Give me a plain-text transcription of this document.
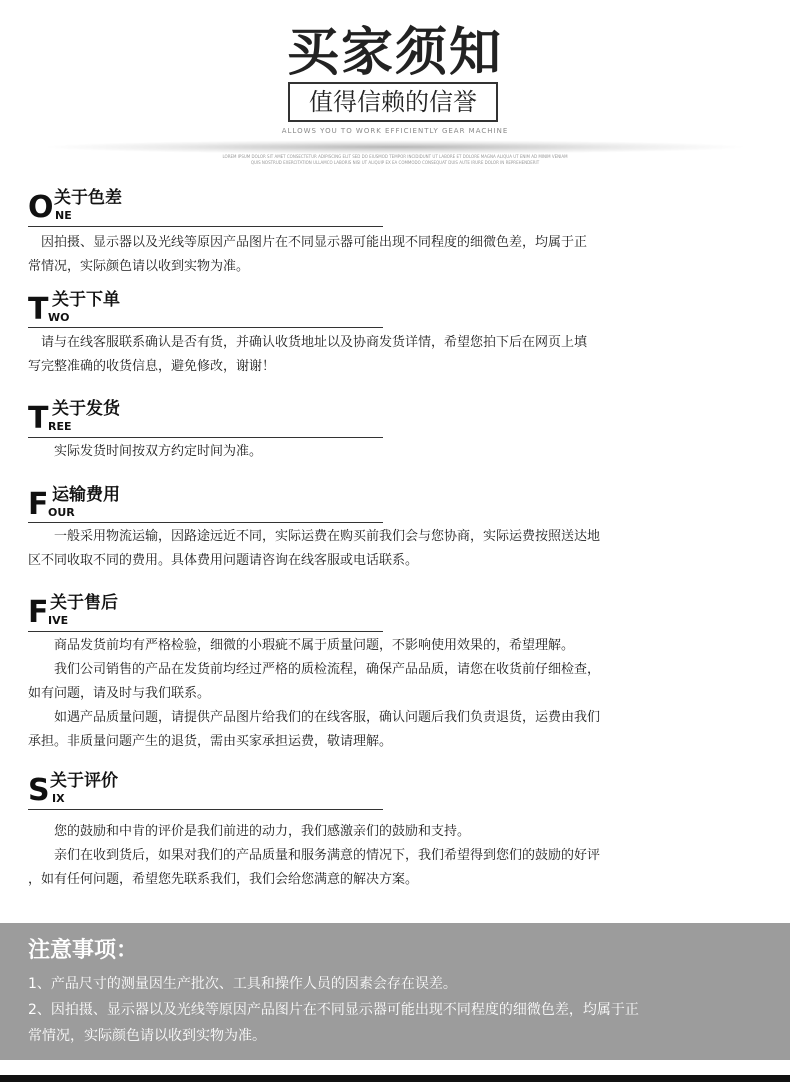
买家须知
值得信赖的信誉
ALLOWS YOU TO WORK EFFICIENTLY GEAR MACHINE
LOREM IPSUM DOLOR SIT AMET CONSECTETUR ADIPISCING ELIT SED DO EIUSMOD TEMPOR INCIDIDUNT UT LABORE ET DOLORE MAGNA ALIQUA UT ENIM AD MINIM VENIAM QUIS NOSTRUD EXERCITATION ULLAMCO LABORIS NISI UT ALIQUIP EX EA COMMODO CONSEQUAT DUIS AUTE IRURE DOLOR IN REPREHENDERIT
O 关于色差
NE
　因拍摄、显示器以及光线等原因产品图片在不同显示器可能出现不同程度的细微色差，均属于正
常情况，实际颜色请以收到实物为准。
T 关于下单
WO
　请与在线客服联系确认是否有货，并确认收货地址以及协商发货详情，希望您拍下后在网页上填
写完整准确的收货信息，避免修改，谢谢！
T 关于发货
REE
　　实际发货时间按双方约定时间为准。
F 运输费用
OUR
　　一般采用物流运输，因路途远近不同，实际运费在购买前我们会与您协商，实际运费按照送达地
区不同收取不同的费用。具体费用问题请咨询在线客服或电话联系。
F 关于售后
IVE
　　商品发货前均有严格检验，细微的小瑕疵不属于质量问题，不影响使用效果的，希望理解。
　　我们公司销售的产品在发货前均经过严格的质检流程，确保产品品质，请您在收货前仔细检查，
如有问题，请及时与我们联系。
　　如遇产品质量问题，请提供产品图片给我们的在线客服，确认问题后我们负责退货，运费由我们
承担。非质量问题产生的退货，需由买家承担运费，敬请理解。
S 关于评价
IX
　　您的鼓励和中肯的评价是我们前进的动力，我们感激亲们的鼓励和支持。
　　亲们在收到货后，如果对我们的产品质量和服务满意的情况下，我们希望得到您们的鼓励的好评
，如有任何问题，希望您先联系我们，我们会给您满意的解决方案。
注意事项：
1、产品尺寸的测量因生产批次、工具和操作人员的因素会存在误差。
2、因拍摄、显示器以及光线等原因产品图片在不同显示器可能出现不同程度的细微色差，均属于正
常情况，实际颜色请以收到实物为准。
